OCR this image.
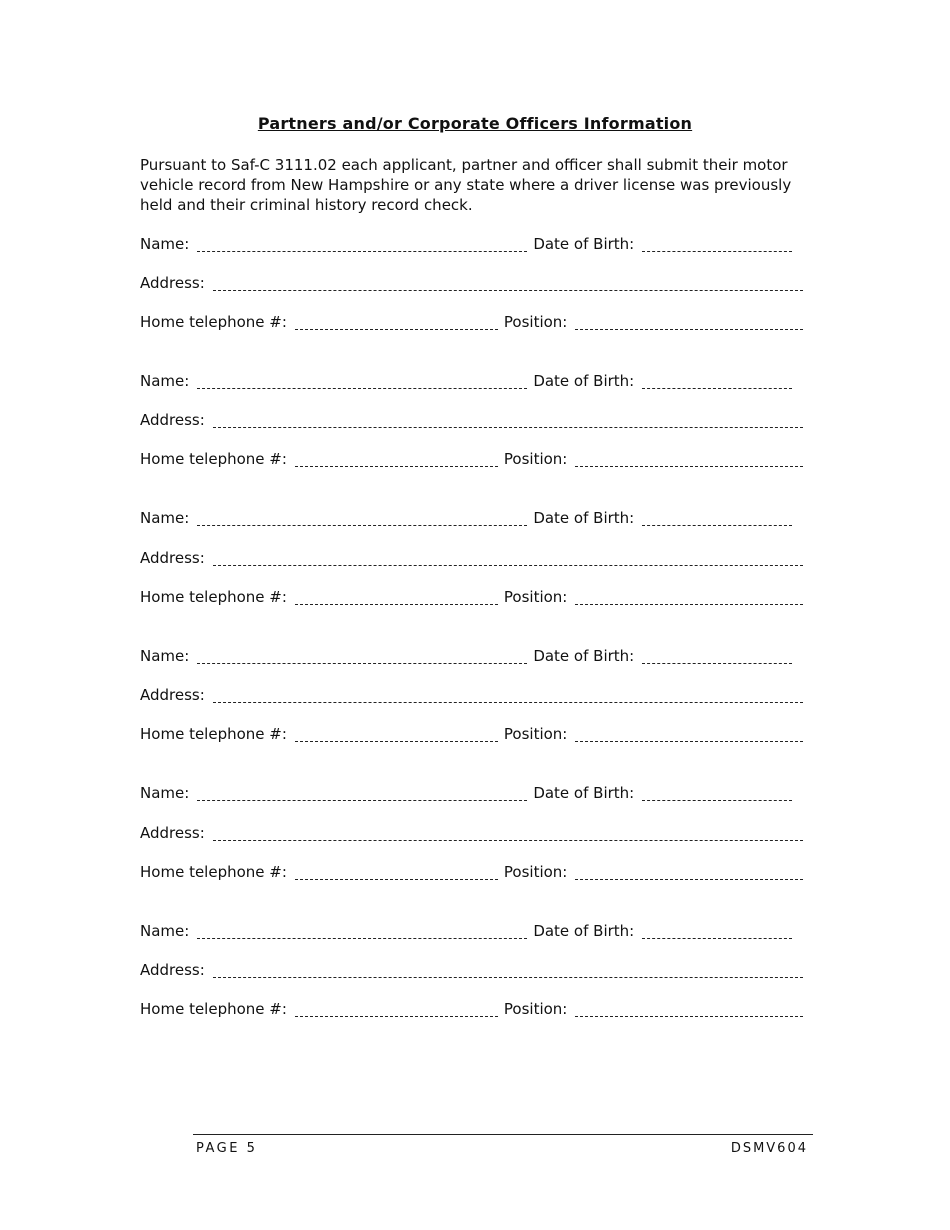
Partners and/or Corporate Officers Information
Pursuant to Saf-C 3111.02 each applicant, partner and officer shall submit their motor vehicle record from New Hampshire or any state where a driver license was previously held and their criminal history record check.
Name:	Date of Birth:
Address:
Home telephone #:	Position:
Name:	Date of Birth:
Address:
Home telephone #:	Position:
Name:	Date of Birth:
Address:
Home telephone #:	Position:
Name:	Date of Birth:
Address:
Home telephone #:	Position:
Name:	Date of Birth:
Address:
Home telephone #:	Position:
Name:	Date of Birth:
Address:
Home telephone #:	Position:
PAGE 5	DSMV604
